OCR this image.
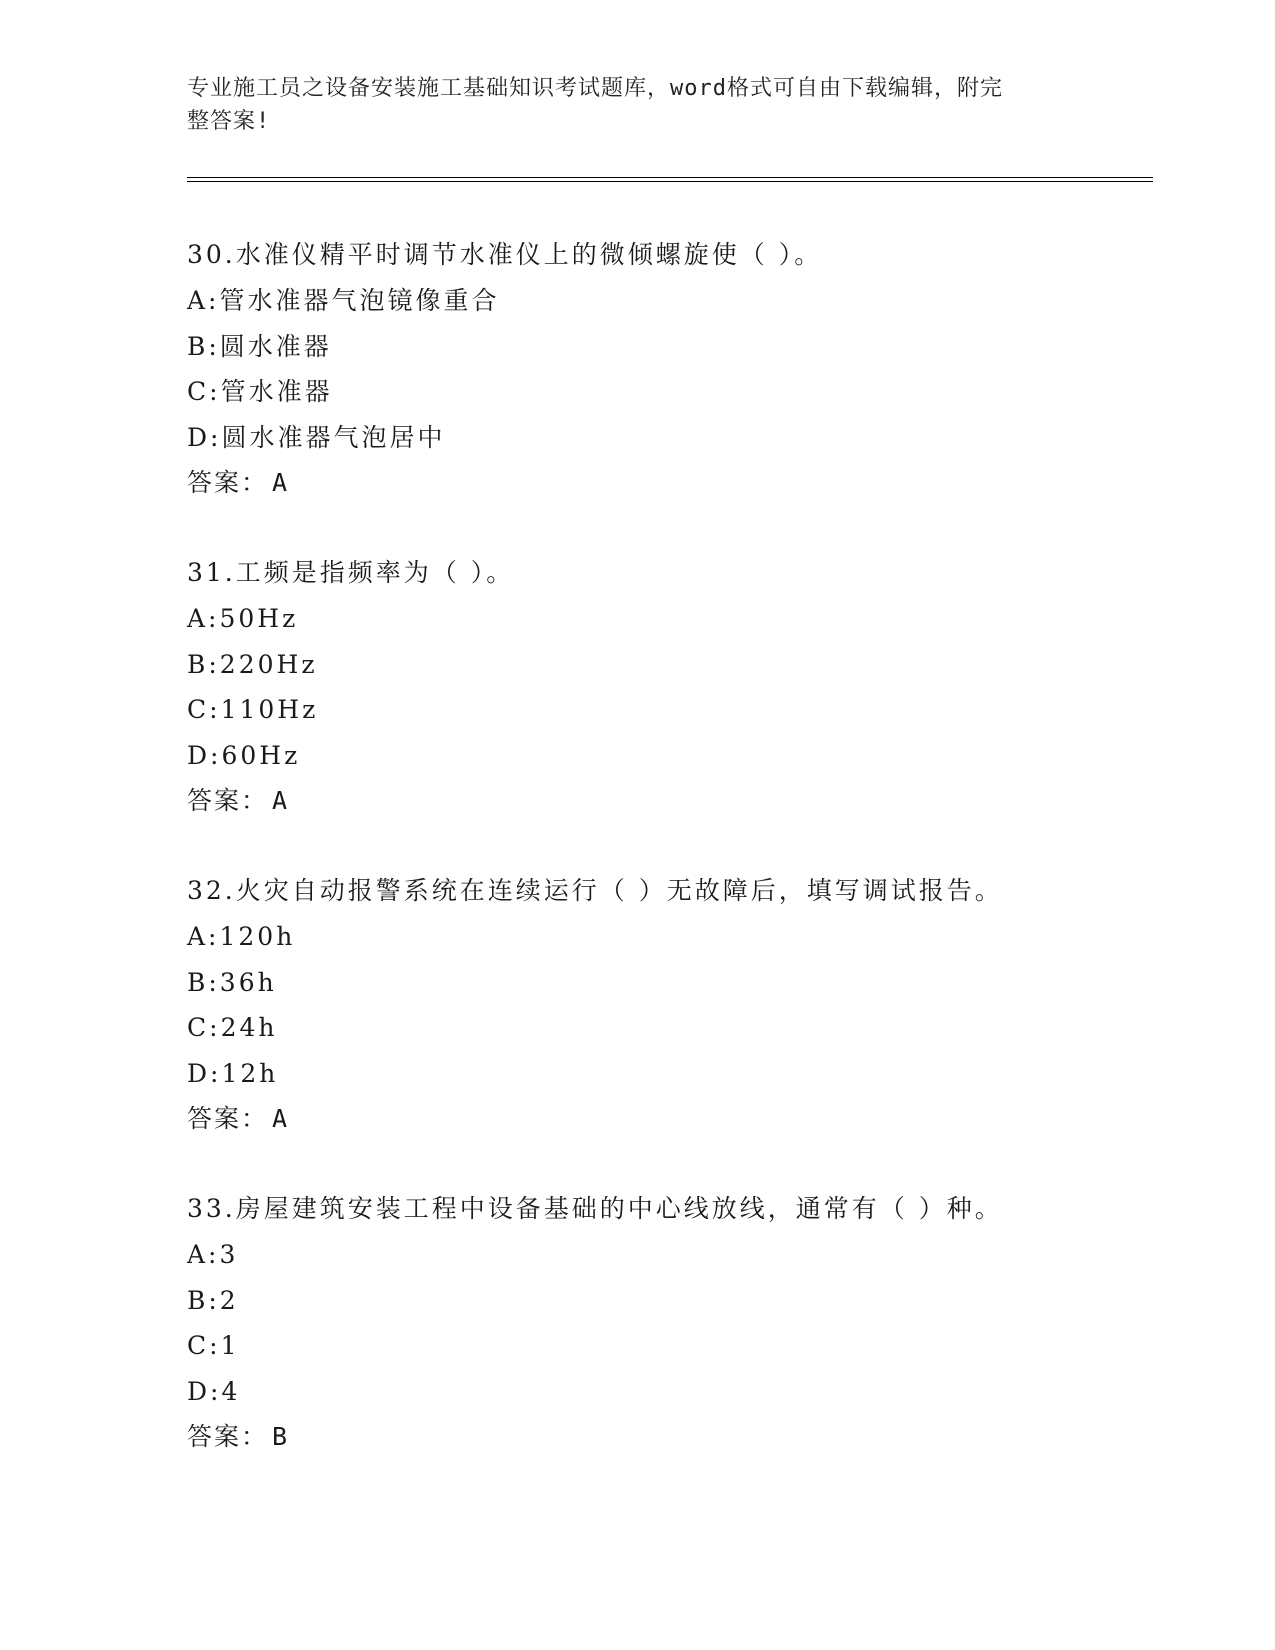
专业施工员之设备安装施工基础知识考试题库，word格式可自由下载编辑，附完
整答案!
30.水准仪精平时调节水准仪上的微倾螺旋使（ ）。
A:管水准器气泡镜像重合
B:圆水准器
C:管水准器
D:圆水准器气泡居中
答案： A
31.工频是指频率为（ ）。
A:50Hz
B:220Hz
C:110Hz
D:60Hz
答案： A
32.火灾自动报警系统在连续运行（ ）无故障后，填写调试报告。
A:120h
B:36h
C:24h
D:12h
答案： A
33.房屋建筑安装工程中设备基础的中心线放线，通常有（ ）种。
A:3
B:2
C:1
D:4
答案： B
